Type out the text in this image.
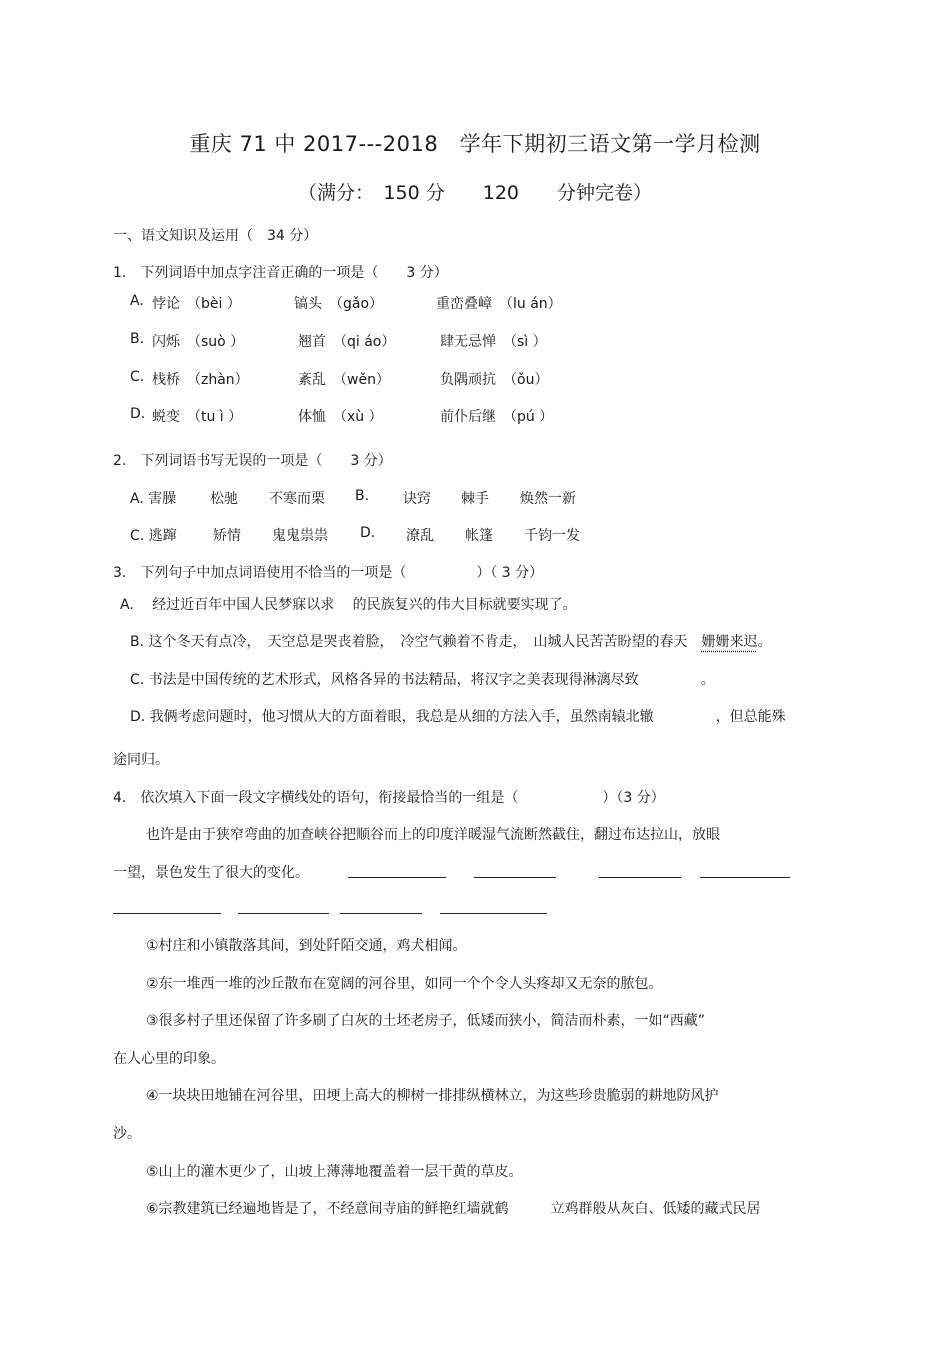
重庆 71 中 2017---2018　学年下期初三语文第一学月检测
（满分：　150 分　　120　　分钟完卷）
一、语文知识及运用（　34 分）
1.　下列词语中加点字注音正确的一项是（　　3 分）
A. 悖论　（bèi ）	镐头　（gǎo）	重峦叠嶂　（lu án）
B. 闪烁　（suò ）	翘首　（qi áo）	肆无忌惮　（sì ）
C. 栈桥　（zhàn）	紊乱　（wěn）	负隅顽抗　（ǒu）
D. 蜕变　（tu ì ）	体恤　（xù ）	前仆后继　（pú ）
2.　下列词语书写无误的一项是（　　3 分）
A. 害臊 松驰 不寒而栗 B. 诀窍 棘手 焕然一新
C. 逃蹿	矫情 鬼鬼祟祟 D. 潦乱 帐篷 千钧一发
3.　下列句子中加点词语使用不恰当的一项是（　　　　　）（ 3 分）
A.　 经过近百年中国人民梦寐以求　 的民族复兴的伟大目标就要实现了。
B. 这个冬天有点冷，　天空总是哭丧着脸，　冷空气赖着不肯走，　山城人民苦苦盼望的春天　姗姗来迟。
C. 书法是中国传统的艺术形式，风格各异的书法精品，将汉字之美表现得淋漓尽致	。
D. 我俩考虑问题时，他习惯从大的方面着眼，我总是从细的方法入手，虽然南辕北辙	，但总能殊
途同归。
4.　依次填入下面一段文字横线处的语句，衔接最恰当的一组是（　　　　　　）（3 分）
也许是由于狭窄弯曲的加查峡谷把顺谷而上的印度洋暖湿气流断然截住，翻过布达拉山，放眼
一望，景色发生了很大的变化。
①村庄和小镇散落其间，到处阡陌交通，鸡犬相闻。
②东一堆西一堆的沙丘散布在宽阔的河谷里，如同一个个令人头疼却又无奈的脓包。
③很多村子里还保留了许多刷了白灰的土坯老房子，低矮而狭小，简洁而朴素，一如“西藏”
在人心里的印象。
④一块块田地铺在河谷里，田埂上高大的柳树一排排纵横林立，为这些珍贵脆弱的耕地防风护
沙。
⑤山上的灌木更少了，山坡上薄薄地覆盖着一层干黄的草皮。
⑥宗教建筑已经遍地皆是了，不经意间寺庙的鲜艳红墙就鹤　　　立鸡群般从灰白、低矮的藏式民居
